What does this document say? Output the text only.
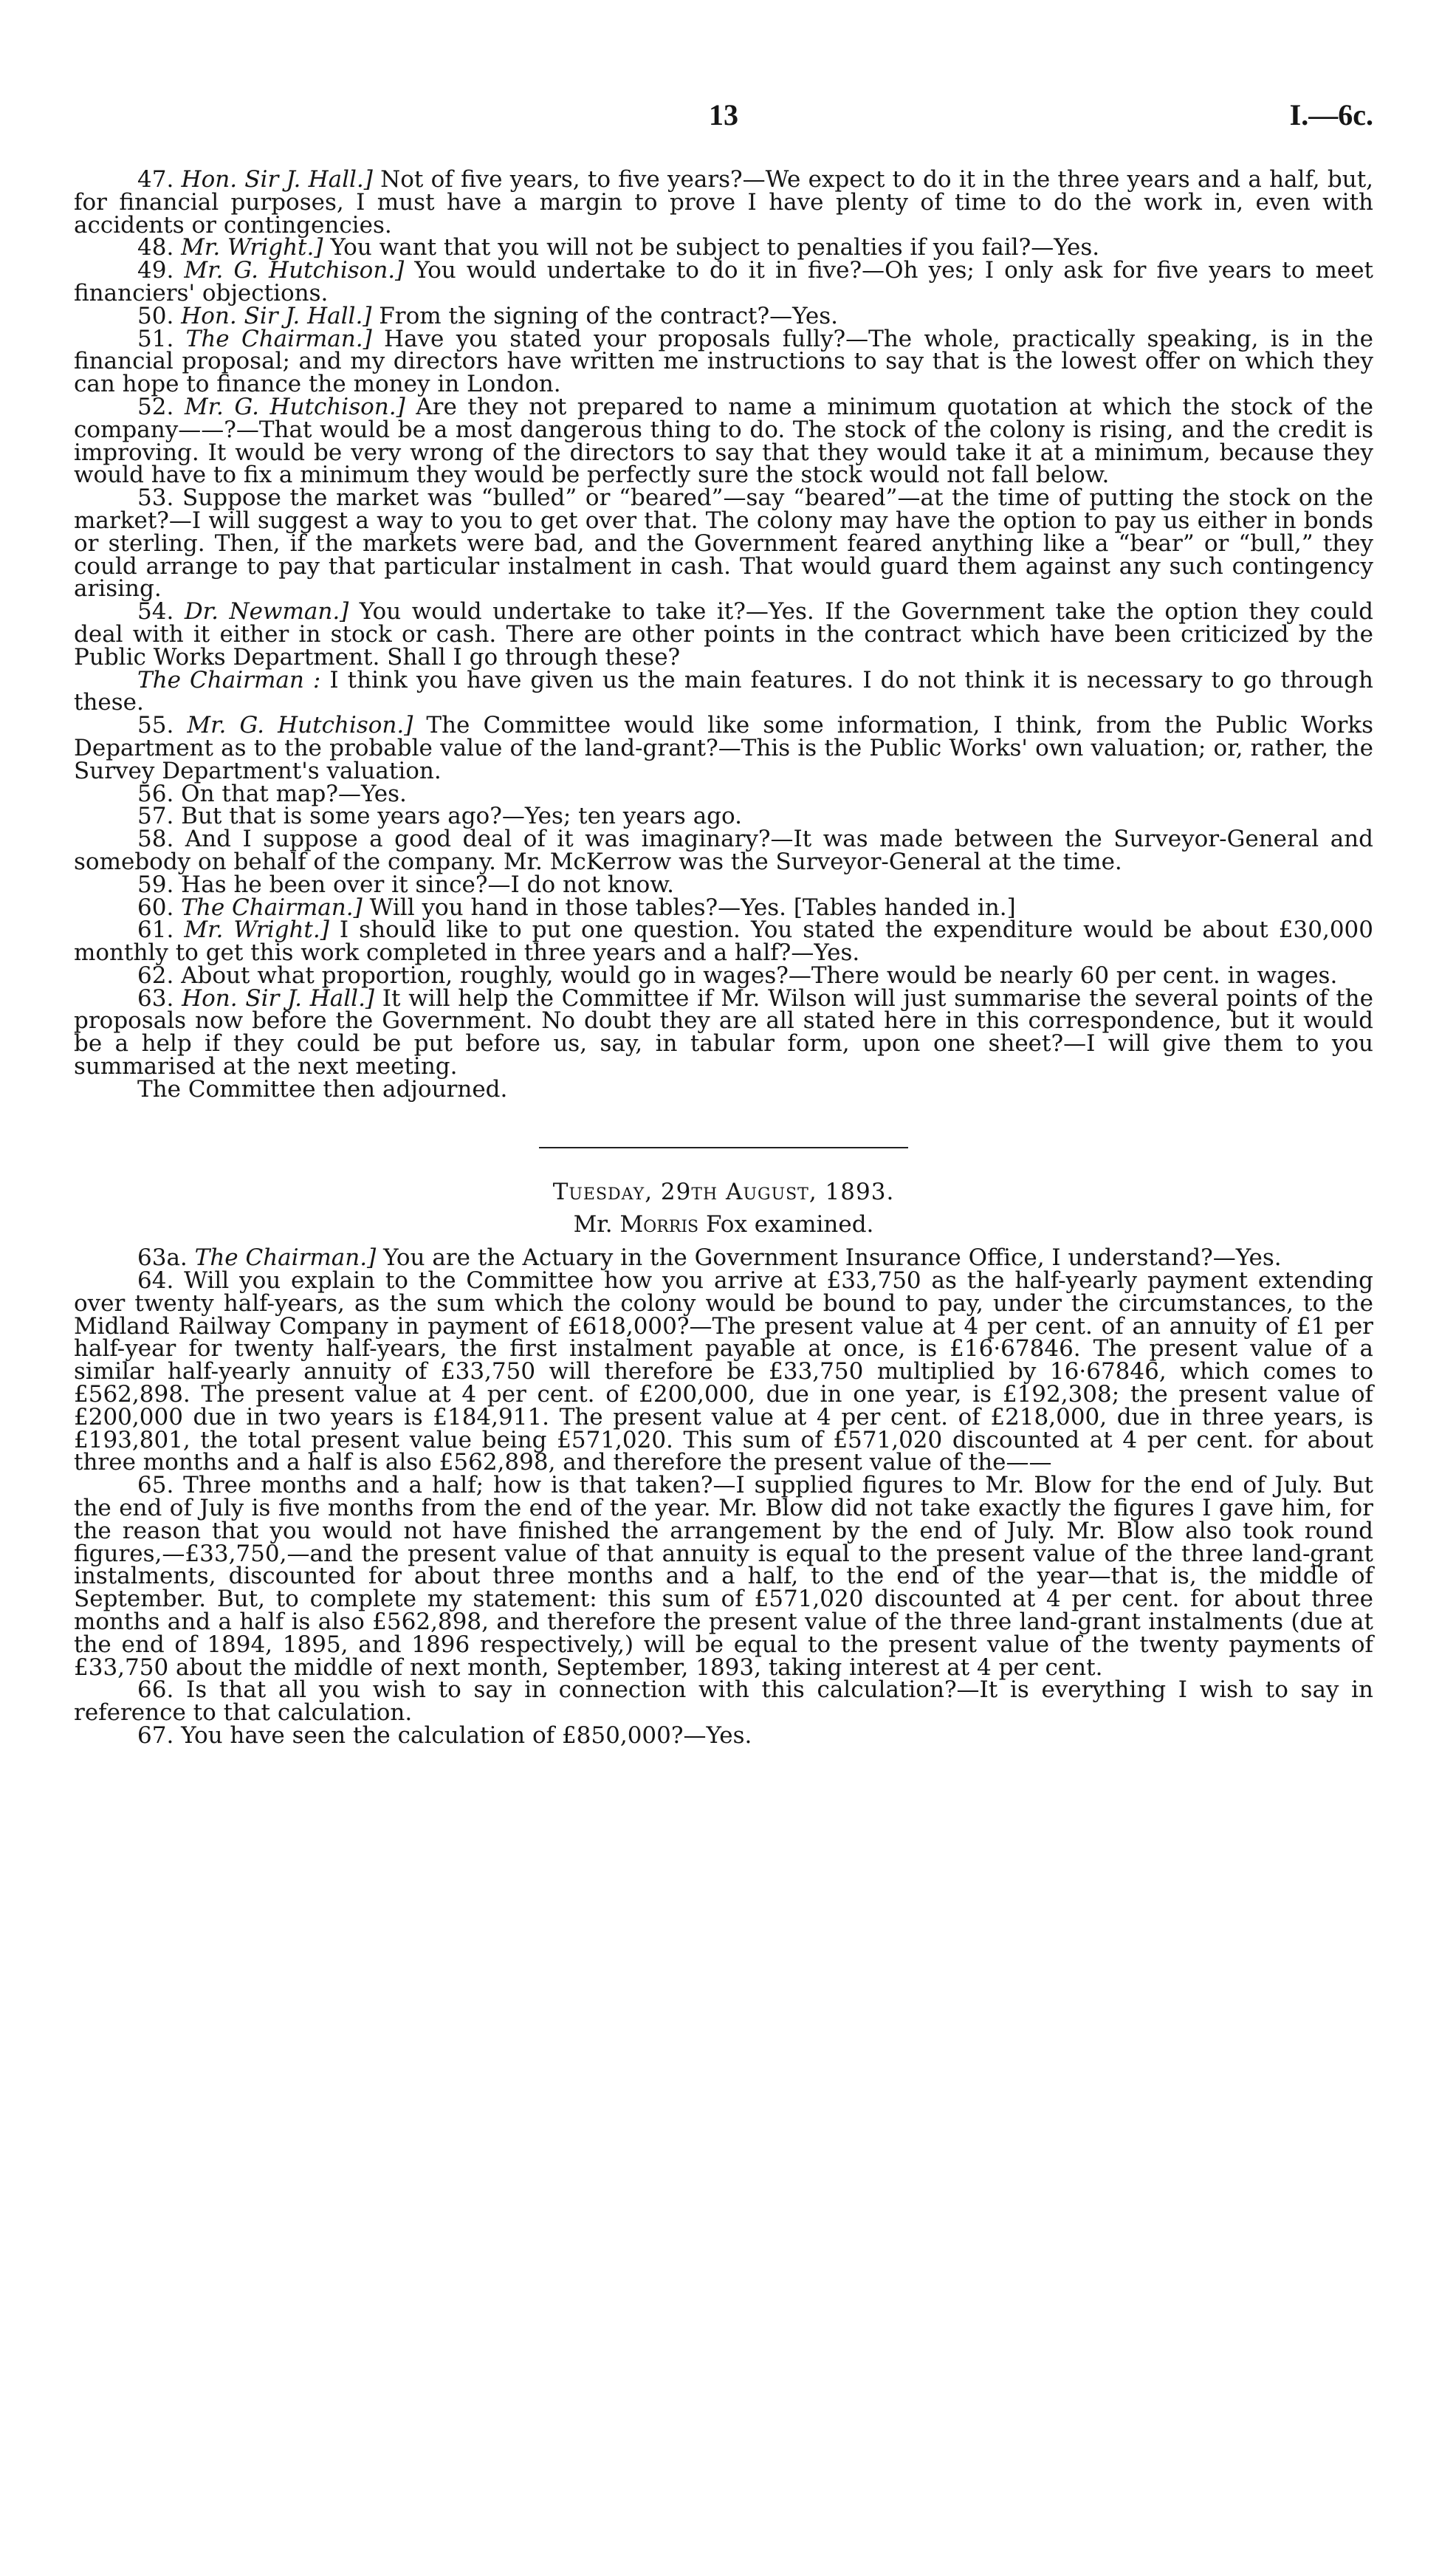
13	I.—6c.

47. Hon. Sir J. Hall.] Not of five years, to five years?—We expect to do it in the three years and a half, but, for financial purposes, I must have a margin to prove I have plenty of time to do the work in, even with accidents or contingencies.

48. Mr. Wright.] You want that you will not be subject to penalties if you fail?—Yes.

49. Mr. G. Hutchison.] You would undertake to do it in five?—Oh yes; I only ask for five years to meet financiers' objections.

50. Hon. Sir J. Hall.] From the signing of the contract?—Yes.

51. The Chairman.] Have you stated your proposals fully?—The whole, practically speaking, is in the financial proposal; and my directors have written me instructions to say that is the lowest offer on which they can hope to finance the money in London.

52. Mr. G. Hutchison.] Are they not prepared to name a minimum quotation at which the stock of the company——?—That would be a most dangerous thing to do. The stock of the colony is rising, and the credit is improving. It would be very wrong of the directors to say that they would take it at a minimum, because they would have to fix a minimum they would be perfectly sure the stock would not fall below.

53. Suppose the market was “bulled” or “beared”—say “beared”—at the time of putting the stock on the market?—I will suggest a way to you to get over that. The colony may have the option to pay us either in bonds or sterling. Then, if the markets were bad, and the Government feared anything like a “bear” or “bull,” they could arrange to pay that particular instalment in cash. That would guard them against any such contingency arising.

54. Dr. Newman.] You would undertake to take it?—Yes. If the Government take the option they could deal with it either in stock or cash. There are other points in the contract which have been criticized by the Public Works Department. Shall I go through these?

The Chairman : I think you have given us the main features. I do not think it is necessary to go through these.

55. Mr. G. Hutchison.] The Committee would like some information, I think, from the Public Works Department as to the probable value of the land-grant?—This is the Public Works' own valuation; or, rather, the Survey Department's valuation.

56. On that map?—Yes.

57. But that is some years ago?—Yes; ten years ago.

58. And I suppose a good deal of it was imaginary?—It was made between the Surveyor-General and somebody on behalf of the company. Mr. McKerrow was the Surveyor-General at the time.

59. Has he been over it since?—I do not know.

60. The Chairman.] Will you hand in those tables?—Yes. [Tables handed in.]

61. Mr. Wright.] I should like to put one question. You stated the expenditure would be about £30,000 monthly to get this work completed in three years and a half?—Yes.

62. About what proportion, roughly, would go in wages?—There would be nearly 60 per cent. in wages.

63. Hon. Sir J. Hall.] It will help the Committee if Mr. Wilson will just summarise the several points of the proposals now before the Government. No doubt they are all stated here in this correspondence, but it would be a help if they could be put before us, say, in tabular form, upon one sheet?—I will give them to you summarised at the next meeting.

The Committee then adjourned.

Tuesday, 29th August, 1893.
Mr. Morris Fox examined.

63a. The Chairman.] You are the Actuary in the Government Insurance Office, I understand?—Yes.

64. Will you explain to the Committee how you arrive at £33,750 as the half-yearly payment extending over twenty half-years, as the sum which the colony would be bound to pay, under the circumstances, to the Midland Railway Company in payment of £618,000?—The present value at 4 per cent. of an annuity of £1 per half-year for twenty half-years, the first instalment payable at once, is £16·67846. The present value of a similar half-yearly annuity of £33,750 will therefore be £33,750 multiplied by 16·67846, which comes to £562,898. The present value at 4 per cent. of £200,000, due in one year, is £192,308; the present value of £200,000 due in two years is £184,911. The present value at 4 per cent. of £218,000, due in three years, is £193,801, the total present value being £571,020. This sum of £571,020 discounted at 4 per cent. for about three months and a half is also £562,898, and therefore the present value of the——

65. Three months and a half; how is that taken?—I supplied figures to Mr. Blow for the end of July. But the end of July is five months from the end of the year. Mr. Blow did not take exactly the figures I gave him, for the reason that you would not have finished the arrangement by the end of July. Mr. Blow also took round figures,—£33,750,—and the present value of that annuity is equal to the present value of the three land-grant instalments, discounted for about three months and a half, to the end of the year—that is, the middle of September. But, to complete my statement: this sum of £571,020 discounted at 4 per cent. for about three months and a half is also £562,898, and therefore the present value of the three land-grant instalments (due at the end of 1894, 1895, and 1896 respectively,) will be equal to the present value of the twenty payments of £33,750 about the middle of next month, September, 1893, taking interest at 4 per cent.

66. Is that all you wish to say in connection with this calculation?—It is everything I wish to say in reference to that calculation.

67. You have seen the calculation of £850,000?—Yes.
